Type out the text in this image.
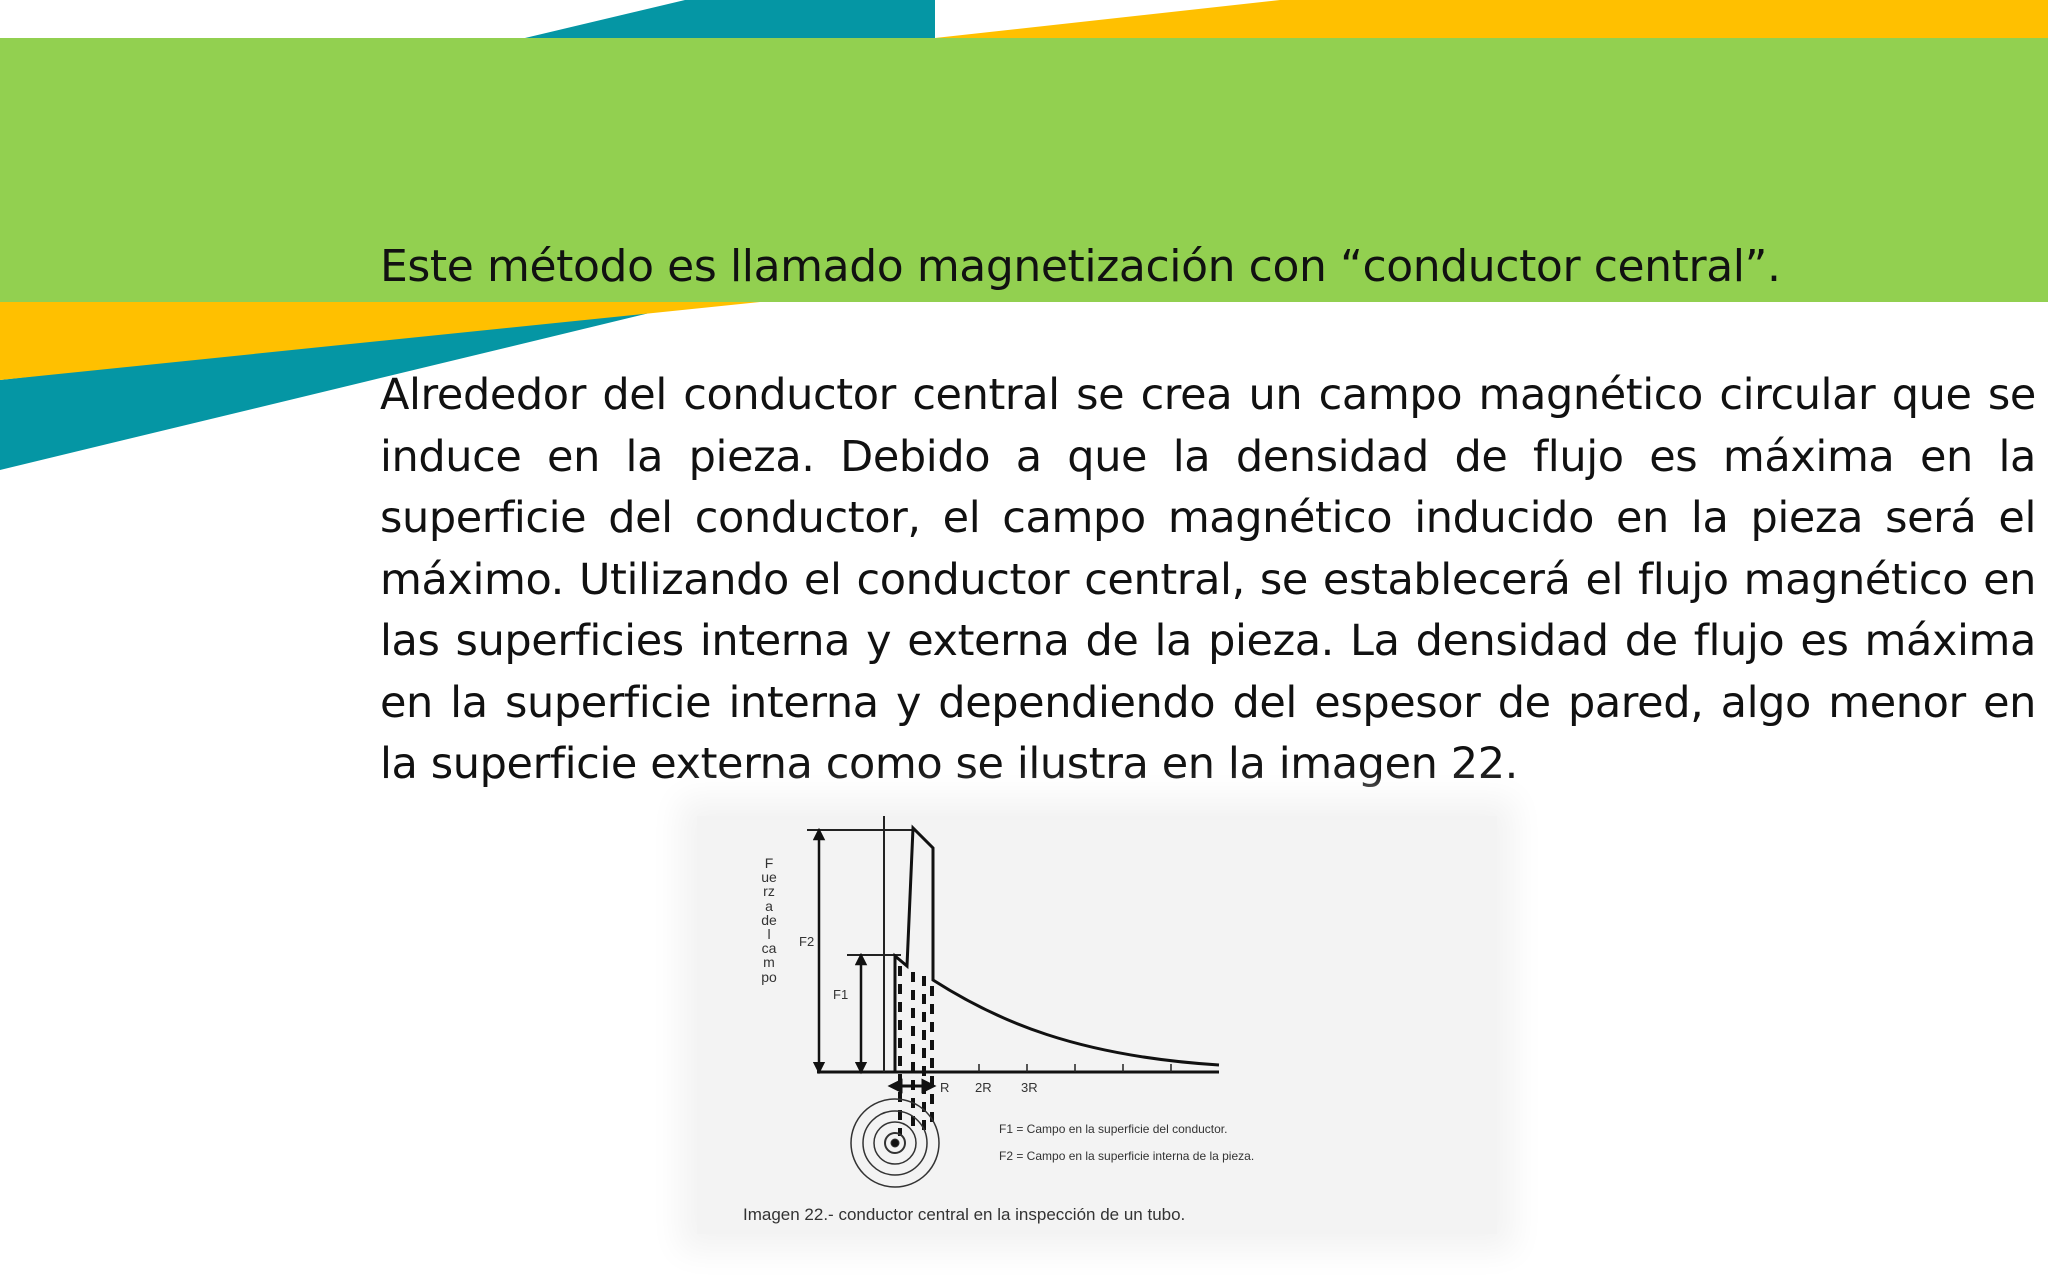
Este método es llamado magnetización con “conductor central”.
Alrededor del conductor central se crea un campo magnético circular que se induce en la pieza. Debido a que la densidad de flujo es máxima en la superficie del conductor, el campo magnético inducido en la pieza será el máximo. Utilizando el conductor central, se establecerá el flujo magnético en las superficies interna y externa de la pieza. La densidad de flujo es máxima en la superficie interna y dependiendo del espesor de pared, algo menor en la superficie externa como se ilustra en la imagen 22.
Fuerza del campo
F2
F1
R 2R 3R
F1 = Campo en la superficie del conductor.
F2 = Campo en la superficie interna de la pieza.
Imagen 22.- conductor central en la inspección de un tubo.
